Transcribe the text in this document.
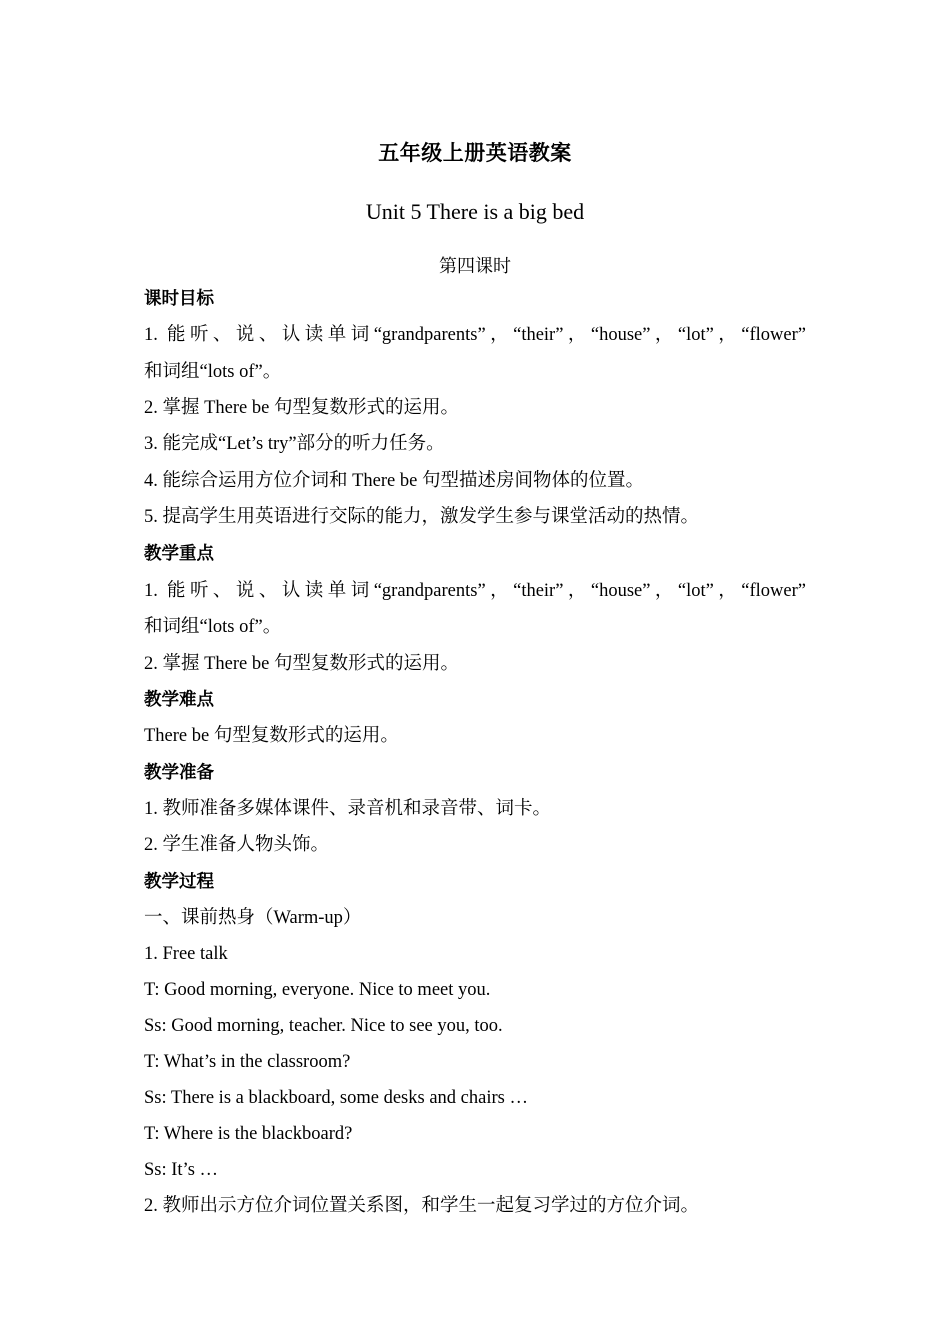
五年级上册英语教案
Unit 5 There is a big bed
第四课时
课时目标
1. 能听、说、认读单词“grandparents”，“their”，“house”，“lot”，“flower”
和词组“lots of”。
2. 掌握 There be 句型复数形式的运用。
3. 能完成“Let’s try”部分的听力任务。
4. 能综合运用方位介词和 There be 句型描述房间物体的位置。
5. 提高学生用英语进行交际的能力，激发学生参与课堂活动的热情。
教学重点
1. 能听、说、认读单词“grandparents”，“their”，“house”，“lot”，“flower”
和词组“lots of”。
2. 掌握 There be 句型复数形式的运用。
教学难点
There be 句型复数形式的运用。
教学准备
1. 教师准备多媒体课件、录音机和录音带、词卡。
2. 学生准备人物头饰。
教学过程
一、课前热身（Warm-up）
1. Free talk
T: Good morning, everyone. Nice to meet you.
Ss: Good morning, teacher. Nice to see you, too.
T: What’s in the classroom?
Ss: There is a blackboard, some desks and chairs …
T: Where is the blackboard?
Ss: It’s …
2. 教师出示方位介词位置关系图，和学生一起复习学过的方位介词。
